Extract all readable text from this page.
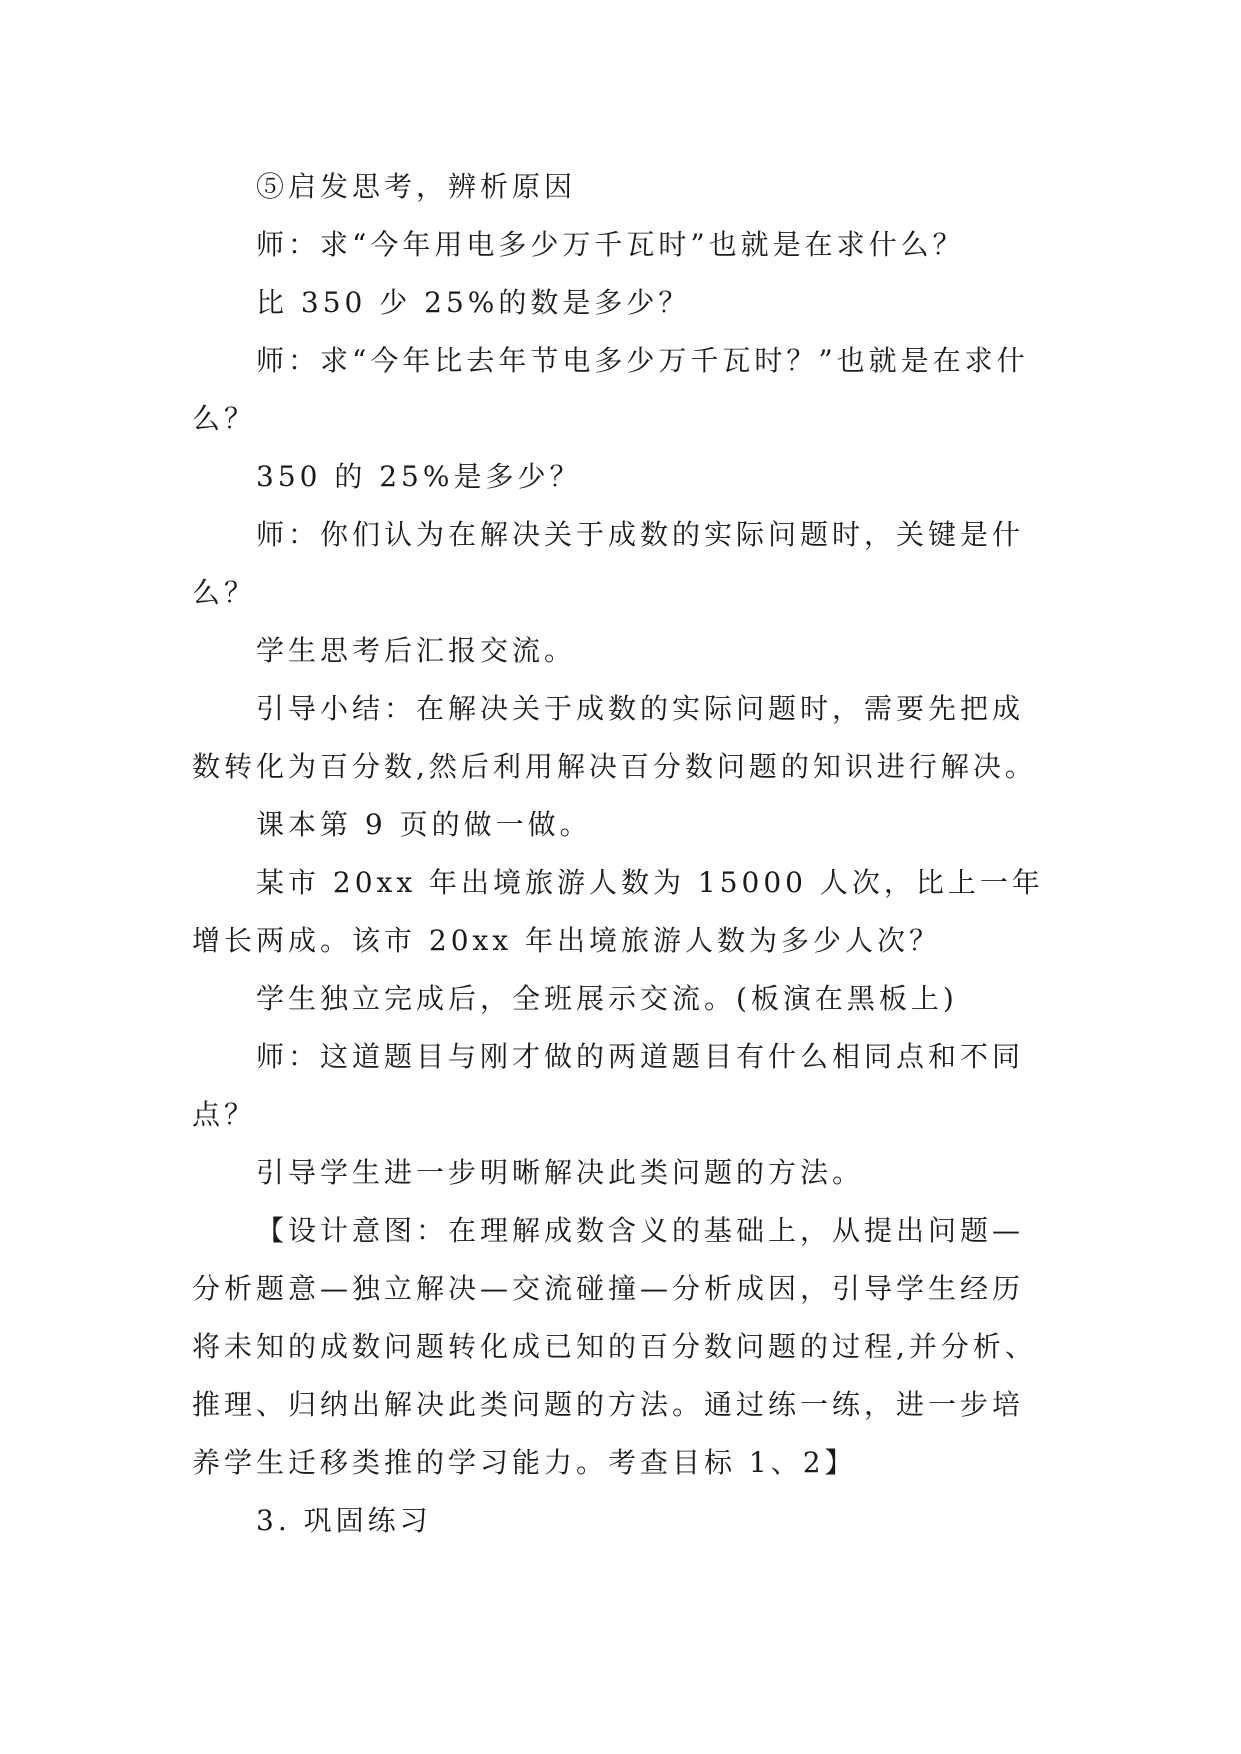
⑤启发思考，辨析原因

师：求“今年用电多少万千瓦时”也就是在求什么？

比 350 少 25%的数是多少？

师：求“今年比去年节电多少万千瓦时？”也就是在求什么？

350 的 25%是多少？

师：你们认为在解决关于成数的实际问题时，关键是什么？

学生思考后汇报交流。

引导小结：在解决关于成数的实际问题时，需要先把成数转化为百分数,然后利用解决百分数问题的知识进行解决。

课本第 9 页的做一做。

某市 20xx 年出境旅游人数为 15000 人次，比上一年增长两成。该市 20xx 年出境旅游人数为多少人次？

学生独立完成后，全班展示交流。(板演在黑板上)

师：这道题目与刚才做的两道题目有什么相同点和不同点？

引导学生进一步明晰解决此类问题的方法。

【设计意图：在理解成数含义的基础上，从提出问题—分析题意—独立解决—交流碰撞—分析成因，引导学生经历将未知的成数问题转化成已知的百分数问题的过程,并分析、推理、归纳出解决此类问题的方法。通过练一练，进一步培养学生迁移类推的学习能力。考查目标 1、2】

3. 巩固练习
